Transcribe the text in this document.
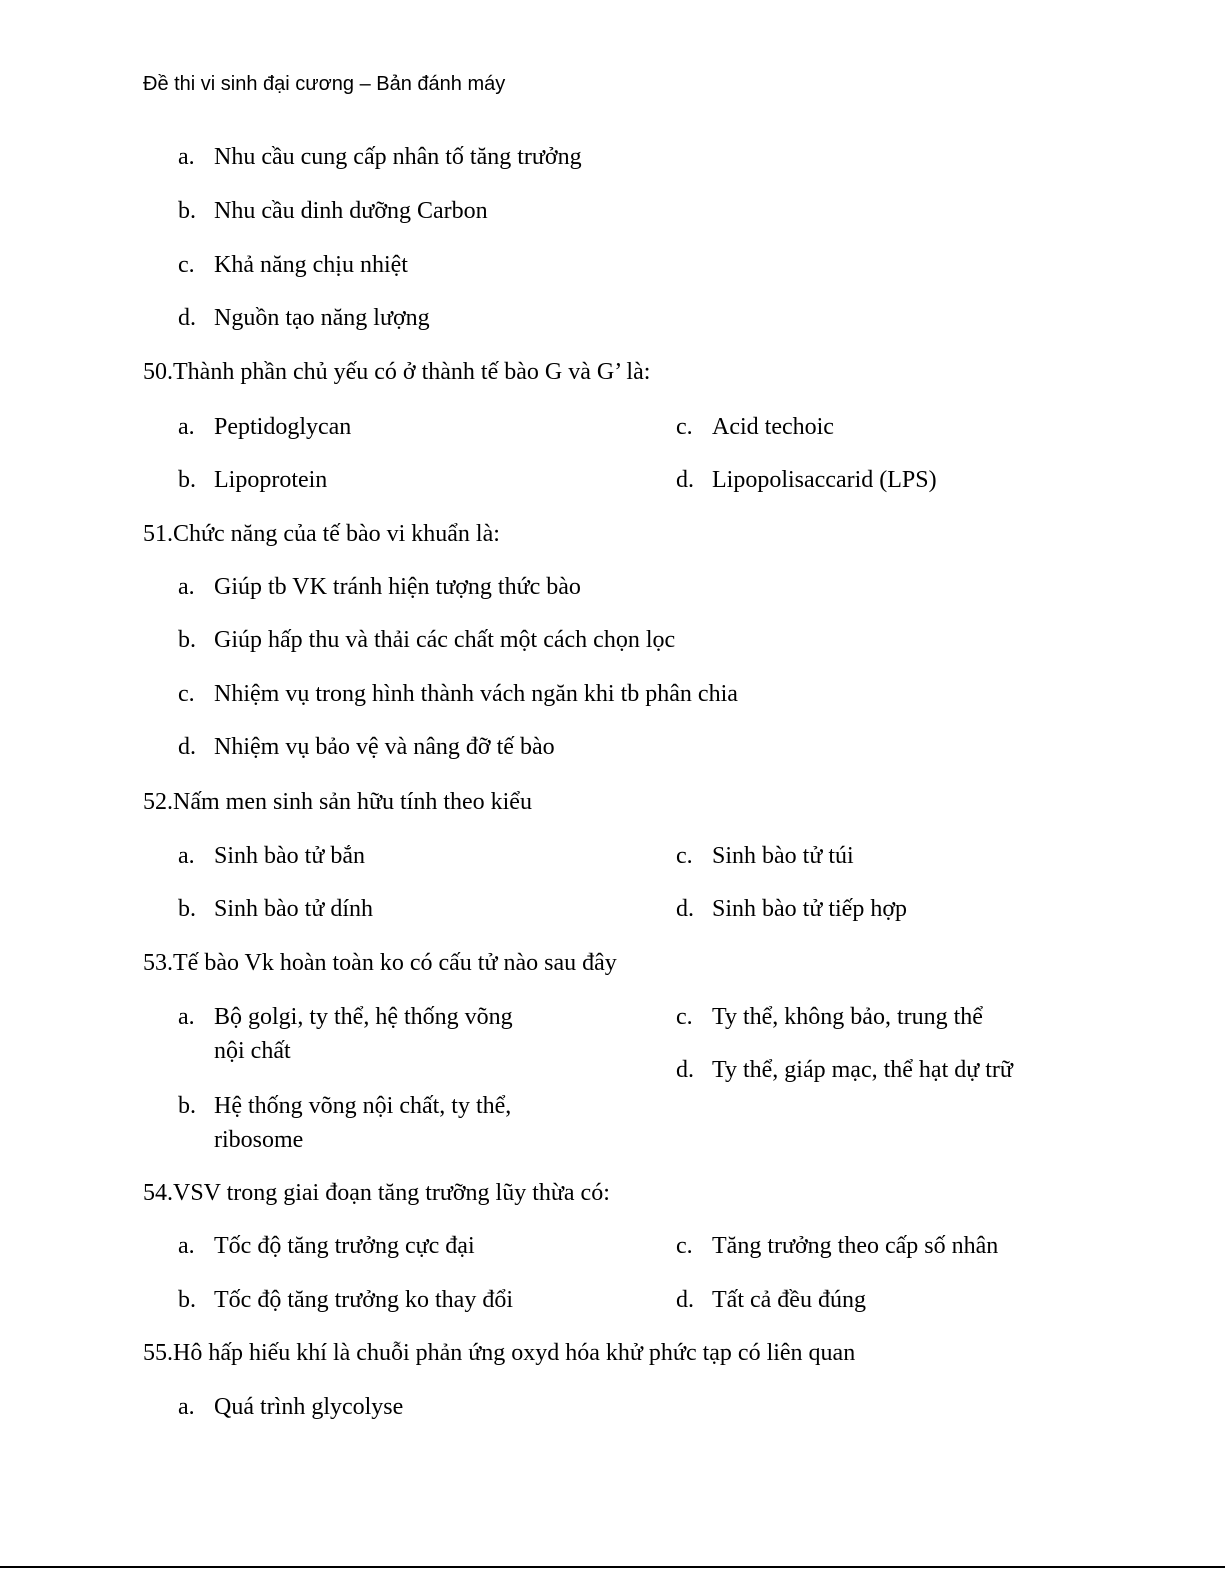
Đề thi vi sinh đại cương – Bản đánh máy
a. Nhu cầu cung cấp nhân tố tăng trưởng
b. Nhu cầu dinh dưỡng Carbon
c. Khả năng chịu nhiệt
d. Nguồn tạo năng lượng
50.Thành phần chủ yếu có ở thành tế bào G và G’ là:
a. Peptidoglycan
b. Lipoprotein
c. Acid techoic
d. Lipopolisaccarid (LPS)
51.Chức năng của tế bào vi khuẩn là:
a. Giúp tb VK tránh hiện tượng thức bào
b. Giúp hấp thu và thải các chất một cách chọn lọc
c. Nhiệm vụ trong hình thành vách ngăn khi tb phân chia
d. Nhiệm vụ bảo vệ và nâng đỡ tế bào
52.Nấm men sinh sản hữu tính theo kiểu
a. Sinh bào tử bắn
b. Sinh bào tử dính
c. Sinh bào tử túi
d. Sinh bào tử tiếp hợp
53.Tế bào Vk hoàn toàn ko có cấu tử nào sau đây
a. Bộ golgi, ty thể, hệ thống võng
nội chất
b. Hệ thống võng nội chất, ty thể,
ribosome
c. Ty thể, không bảo, trung thể
d. Ty thể, giáp mạc, thể hạt dự trữ
54.VSV trong giai đoạn tăng trưỡng lũy thừa có:
a. Tốc độ tăng trưởng cực đại
b. Tốc độ tăng trưởng ko thay đổi
c. Tăng trưởng theo cấp số nhân
d. Tất cả đều đúng
55.Hô hấp hiếu khí là chuỗi phản ứng oxyd hóa khử phức tạp có liên quan
a. Quá trình glycolyse
